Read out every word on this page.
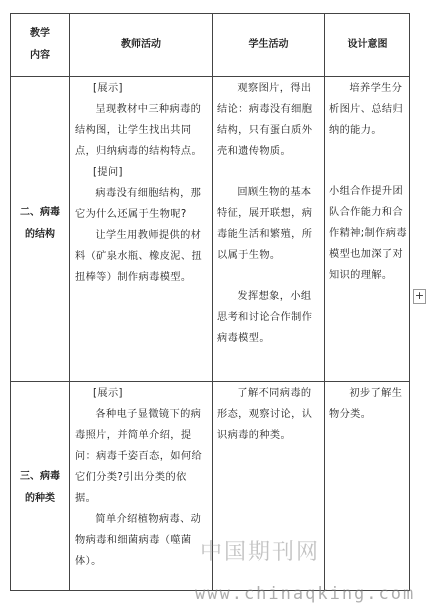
教学
内容
教师活动	学生活动	设计意图
二、病毒
的结构

[展示]

呈现教材中三种病毒的结构图，让学生找出共同点，归纳病毒的结构特点。

[提问]

病毒没有细胞结构，那它为什么还属于生物呢?

让学生用教师提供的材料（矿泉水瓶、橡皮泥、扭扭棒等）制作病毒模型。

观察图片，得出结论：病毒没有细胞结构，只有蛋白质外壳和遗传物质。

回顾生物的基本特征，展开联想，病毒能生活和繁殖，所以属于生物。

发挥想象，小组思考和讨论合作制作病毒模型。

培养学生分析图片、总结归纳的能力。

小组合作提升团队合作能力和合作精神;制作病毒模型也加深了对知识的理解。

三、病毒
的种类

[展示]

各种电子显微镜下的病毒照片，并简单介绍，提问：病毒千姿百态，如何给它们分类?引出分类的依据。

简单介绍植物病毒、动物病毒和细菌病毒（噬菌体）。

了解不同病毒的形态，观察讨论，认识病毒的种类。

初步了解生物分类。

+
中国期刊网
www.chinaqking.com
